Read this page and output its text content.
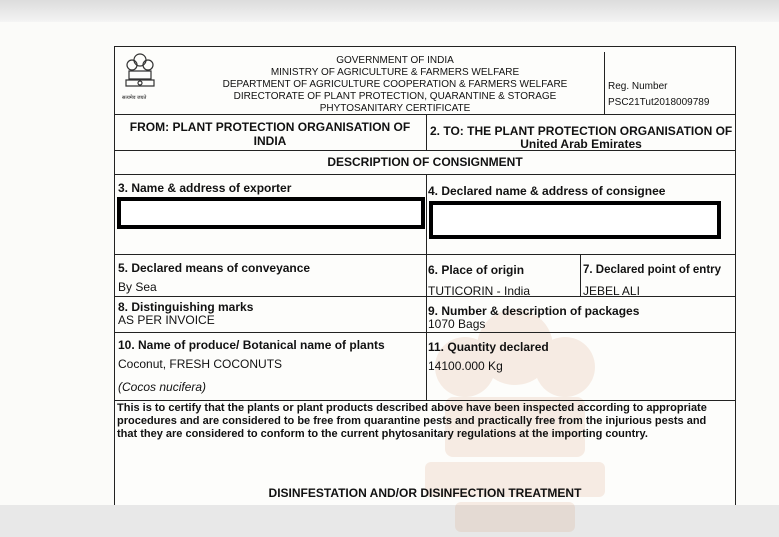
सत्यमेव जयते
GOVERNMENT OF INDIA
MINISTRY OF AGRICULTURE & FARMERS WELFARE
DEPARTMENT OF AGRICULTURE COOPERATION & FARMERS WELFARE
DIRECTORATE OF PLANT PROTECTION, QUARANTINE & STORAGE
PHYTOSANITARY CERTIFICATE
Reg. Number
PSC21Tut2018009789
FROM: PLANT PROTECTION ORGANISATION OF
INDIA
2. TO: THE PLANT PROTECTION ORGANISATION OF
United Arab Emirates
DESCRIPTION OF CONSIGNMENT
3. Name & address of exporter	4. Declared name & address of consignee
5. Declared means of conveyance
By Sea
6. Place of origin
TUTICORIN - India
7. Declared point of entry
JEBEL ALI
8. Distinguishing marks
AS PER INVOICE
9. Number & description of packages
1070 Bags
10. Name of produce/ Botanical name of plants
Coconut, FRESH COCONUTS
(Cocos nucifera)
11. Quantity declared
14100.000 Kg
This is to certify that the plants or plant products described above have been inspected according to appropriate procedures and are considered to be free from quarantine pests and practically free from the injurious pests and that they are considered to conform to the current phytosanitary regulations at the importing country.
DISINFESTATION AND/OR DISINFECTION TREATMENT
